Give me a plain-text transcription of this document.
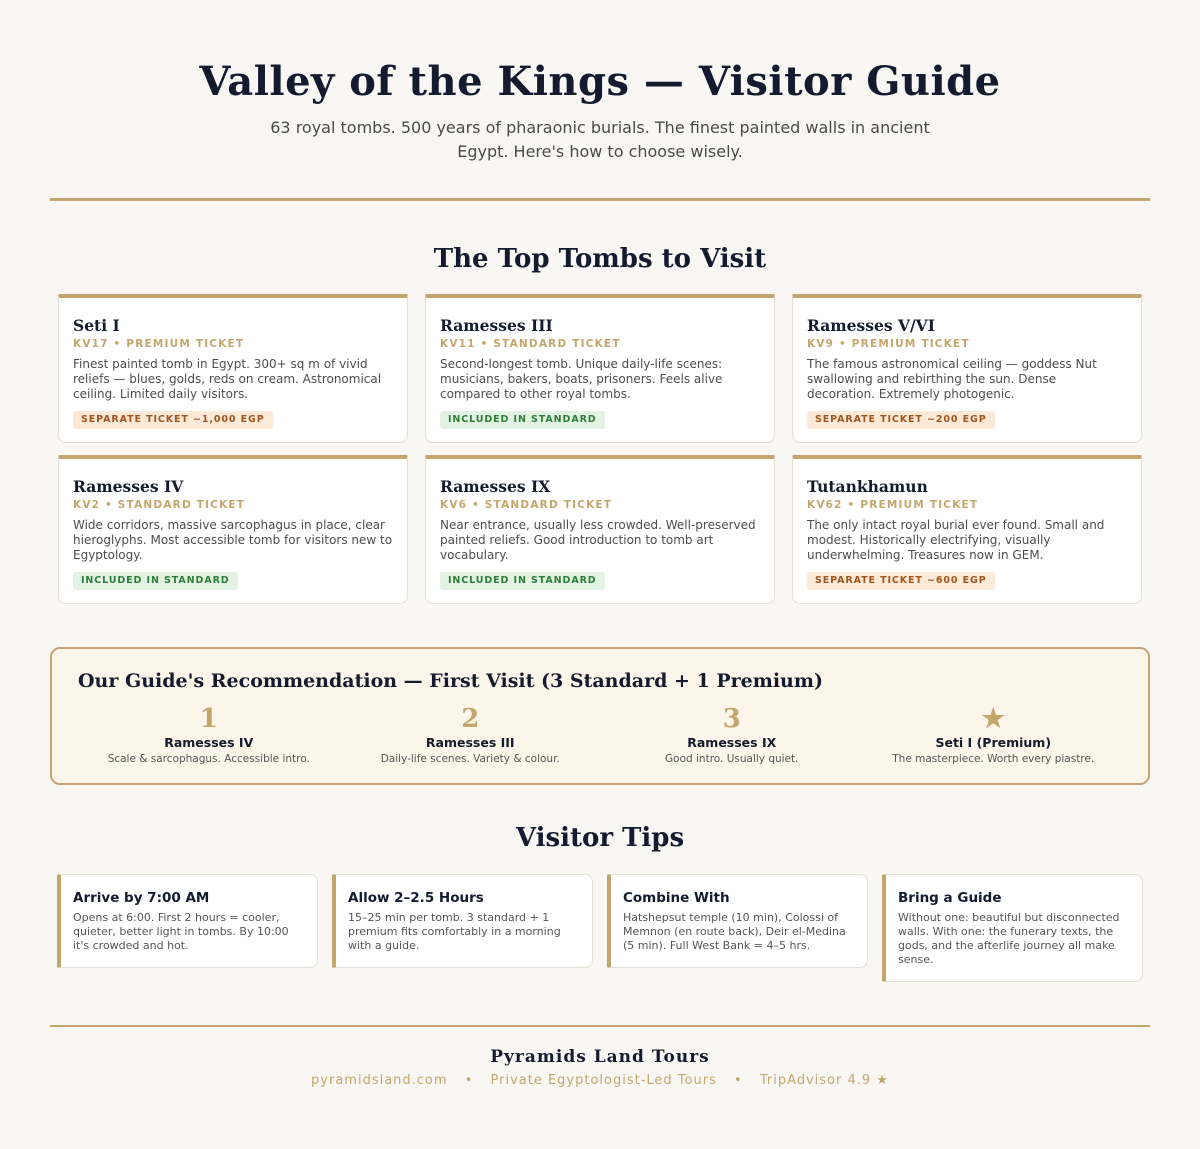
Valley of the Kings — Visitor Guide

63 royal tombs. 500 years of pharaonic burials. The finest painted walls in ancient Egypt. Here's how to choose wisely.

The Top Tombs to Visit
Seti I
KV17 • PREMIUM TICKET
Finest painted tomb in Egypt. 300+ sq m of vivid reliefs — blues, golds, reds on cream. Astronomical ceiling. Limited daily visitors.
SEPARATE TICKET ~1,000 EGP
Ramesses III
KV11 • STANDARD TICKET
Second-longest tomb. Unique daily-life scenes: musicians, bakers, boats, prisoners. Feels alive compared to other royal tombs.
INCLUDED IN STANDARD
Ramesses V/VI
KV9 • PREMIUM TICKET
The famous astronomical ceiling — goddess Nut swallowing and rebirthing the sun. Dense decoration. Extremely photogenic.
SEPARATE TICKET ~200 EGP
Ramesses IV
KV2 • STANDARD TICKET
Wide corridors, massive sarcophagus in place, clear hieroglyphs. Most accessible tomb for visitors new to Egyptology.
INCLUDED IN STANDARD
Ramesses IX
KV6 • STANDARD TICKET
Near entrance, usually less crowded. Well-preserved painted reliefs. Good introduction to tomb art vocabulary.
INCLUDED IN STANDARD
Tutankhamun
KV62 • PREMIUM TICKET
The only intact royal burial ever found. Small and modest. Historically electrifying, visually underwhelming. Treasures now in GEM.
SEPARATE TICKET ~600 EGP
Our Guide's Recommendation — First Visit (3 Standard + 1 Premium)
1
Ramesses IV
Scale & sarcophagus. Accessible intro.
2
Ramesses III
Daily-life scenes. Variety & colour.
3
Ramesses IX
Good intro. Usually quiet.
★
Seti I (Premium)
The masterpiece. Worth every piastre.
Visitor Tips
Arrive by 7:00 AM
Opens at 6:00. First 2 hours = cooler, quieter, better light in tombs. By 10:00 it's crowded and hot.
Allow 2–2.5 Hours
15–25 min per tomb. 3 standard + 1 premium fits comfortably in a morning with a guide.
Combine With
Hatshepsut temple (10 min), Colossi of Memnon (en route back), Deir el-Medina (5 min). Full West Bank = 4–5 hrs.
Bring a Guide
Without one: beautiful but disconnected walls. With one: the funerary texts, the gods, and the afterlife journey all make sense.
Pyramids Land Tours
pyramidsland.com • Private Egyptologist-Led Tours • TripAdvisor 4.9 ★
